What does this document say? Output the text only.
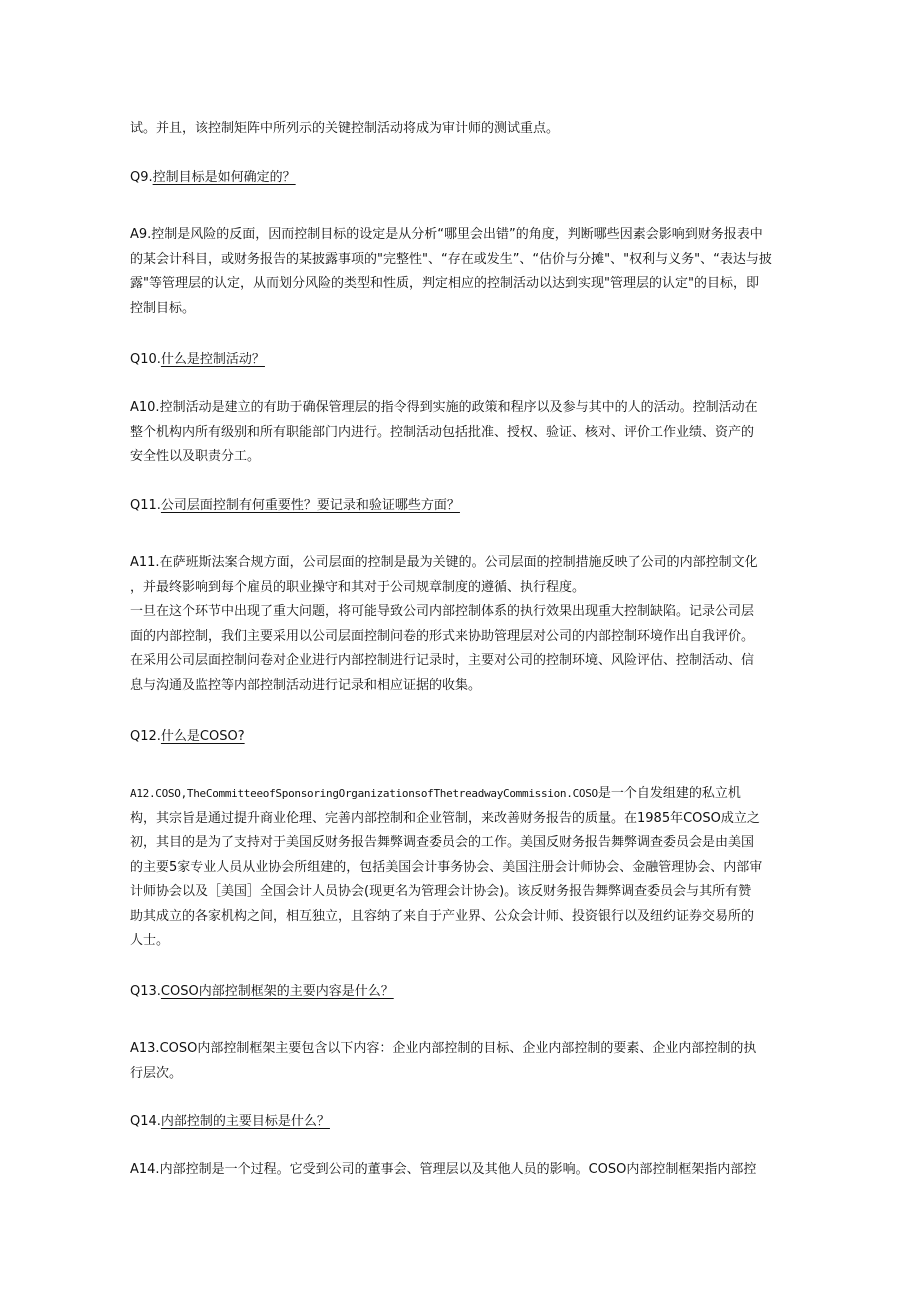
试。并且，该控制矩阵中所列示的关键控制活动将成为审计师的测试重点。

Q9.控制目标是如何确定的？

A9.控制是风险的反面，因而控制目标的设定是从分析“哪里会出错”的角度，判断哪些因素会影响到财务报表中
的某会计科目，或财务报告的某披露事项的"完整性"、“存在或发生”、“估价与分摊"、"权利与义务"、“表达与披
露"等管理层的认定，从而划分风险的类型和性质，判定相应的控制活动以达到实现"管理层的认定"的目标，即
控制目标。

Q10.什么是控制活动？

A10.控制活动是建立的有助于确保管理层的指令得到实施的政策和程序以及参与其中的人的活动。控制活动在
整个机构内所有级别和所有职能部门内进行。控制活动包括批准、授权、验证、核对、评价工作业绩、资产的
安全性以及职责分工。

Q11.公司层面控制有何重要性？要记录和验证哪些方面？

A11.在萨班斯法案合规方面，公司层面的控制是最为关键的。公司层面的控制措施反映了公司的内部控制文化
，并最终影响到每个雇员的职业操守和其对于公司规章制度的遵循、执行程度。
一旦在这个环节中出现了重大问题，将可能导致公司内部控制体系的执行效果出现重大控制缺陷。记录公司层
面的内部控制，我们主要采用以公司层面控制问卷的形式来协助管理层对公司的内部控制环境作出自我评价。
在采用公司层面控制问卷对企业进行内部控制进行记录时，主要对公司的控制环境、风险评估、控制活动、信
息与沟通及监控等内部控制活动进行记录和相应证据的收集。

Q12.什么是COSO?

A12.COSO,TheCommitteeofSponsoringOrganizationsofThetreadwayCommission.COSO是一个自发组建的私立机
构，其宗旨是通过提升商业伦理、完善内部控制和企业管制，来改善财务报告的质量。在1985年COSO成立之
初，其目的是为了支持对于美国反财务报告舞弊调查委员会的工作。美国反财务报告舞弊调查委员会是由美国
的主要5家专业人员从业协会所组建的，包括美国会计事务协会、美国注册会计师协会、金融管理协会、内部审
计师协会以及［美国］全国会计人员协会(现更名为管理会计协会)。该反财务报告舞弊调查委员会与其所有赞
助其成立的各家机构之间，相互独立，且容纳了来自于产业界、公众会计师、投资银行以及纽约证券交易所的
人士。

Q13.COSO内部控制框架的主要内容是什么？

A13.COSO内部控制框架主要包含以下内容：企业内部控制的目标、企业内部控制的要素、企业内部控制的执
行层次。

Q14.内部控制的主要目标是什么？

A14.内部控制是一个过程。它受到公司的董事会、管理层以及其他人员的影响。COSO内部控制框架指内部控
